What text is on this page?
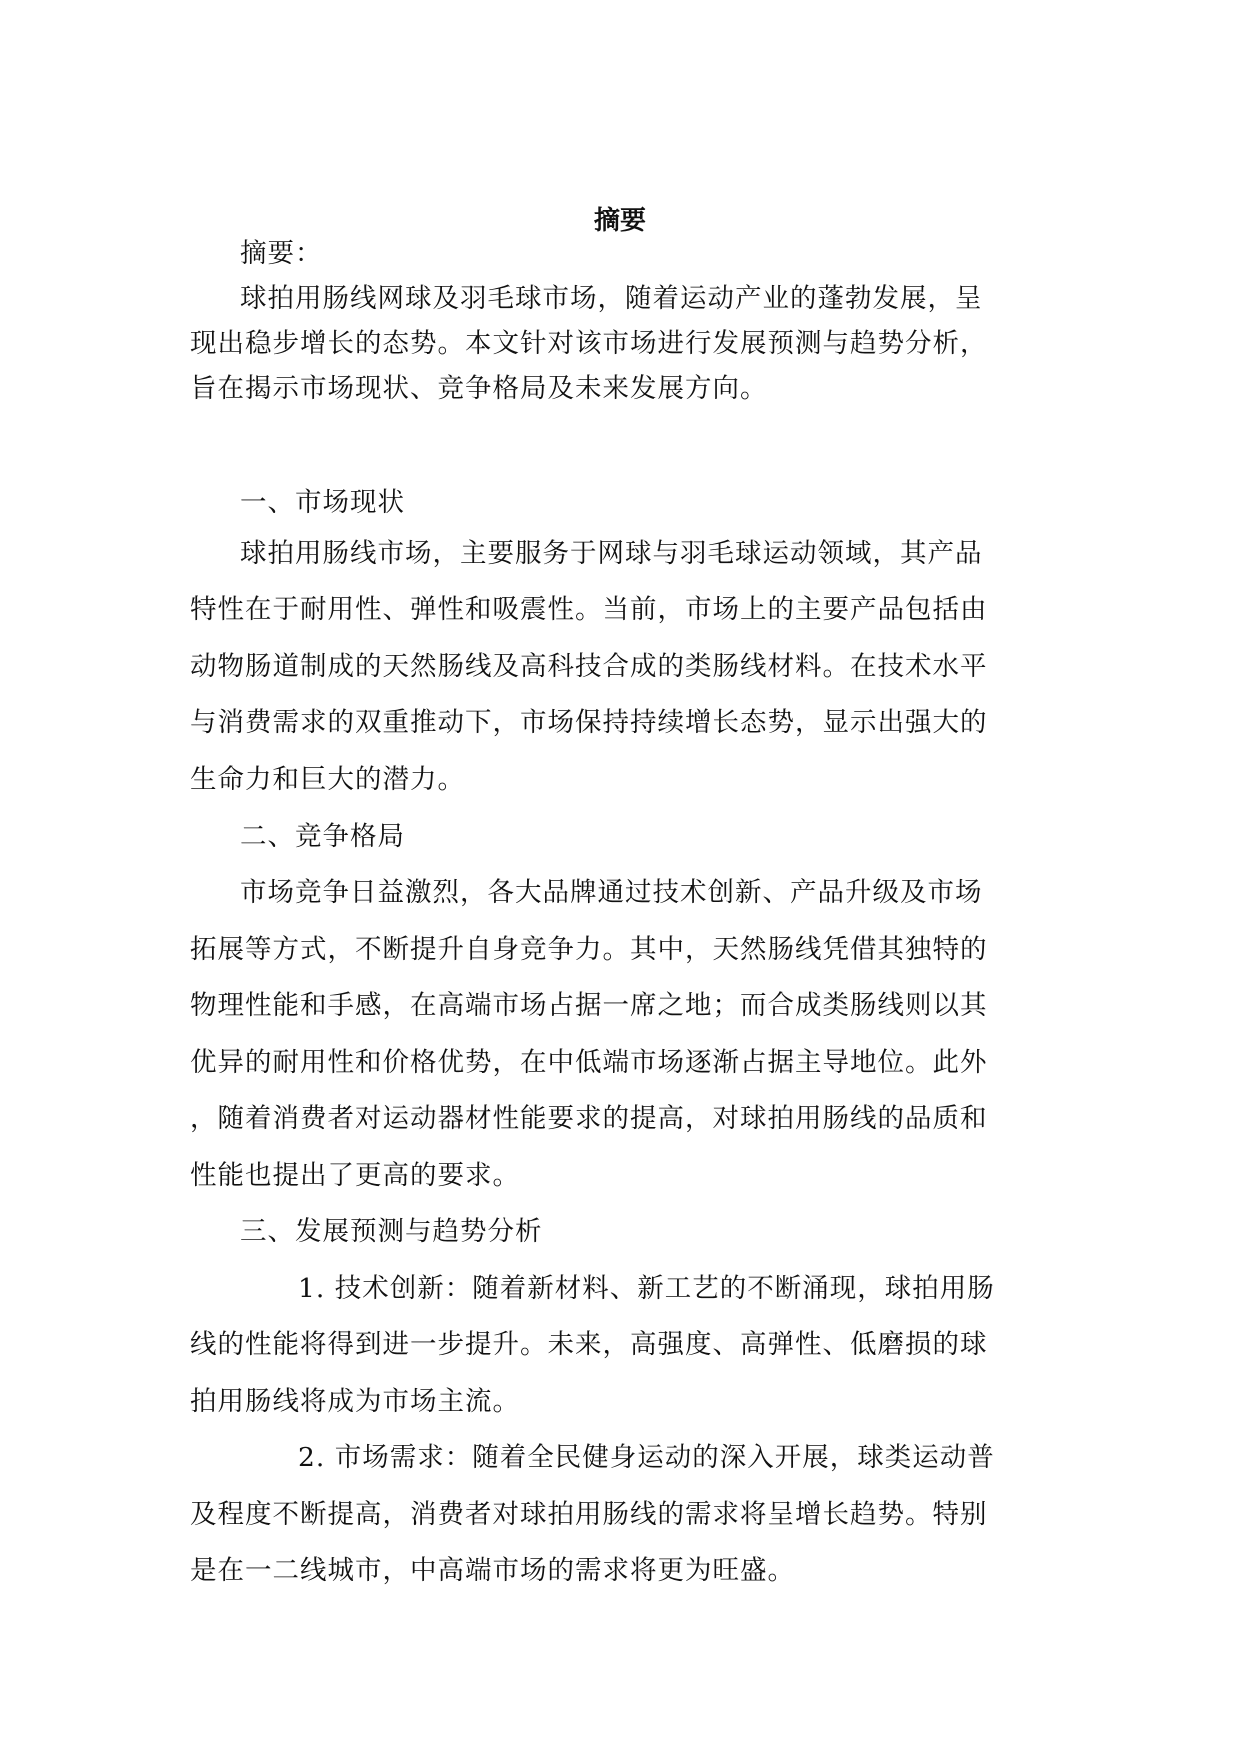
摘要
摘要：
球拍用肠线网球及羽毛球市场，随着运动产业的蓬勃发展，呈
现出稳步增长的态势。本文针对该市场进行发展预测与趋势分析，
旨在揭示市场现状、竞争格局及未来发展方向。
一、市场现状
球拍用肠线市场，主要服务于网球与羽毛球运动领域，其产品
特性在于耐用性、弹性和吸震性。当前，市场上的主要产品包括由
动物肠道制成的天然肠线及高科技合成的类肠线材料。在技术水平
与消费需求的双重推动下，市场保持持续增长态势，显示出强大的
生命力和巨大的潜力。
二、竞争格局
市场竞争日益激烈，各大品牌通过技术创新、产品升级及市场
拓展等方式，不断提升自身竞争力。其中，天然肠线凭借其独特的
物理性能和手感，在高端市场占据一席之地；而合成类肠线则以其
优异的耐用性和价格优势，在中低端市场逐渐占据主导地位。此外
，随着消费者对运动器材性能要求的提高，对球拍用肠线的品质和
性能也提出了更高的要求。
三、发展预测与趋势分析
1. 技术创新：随着新材料、新工艺的不断涌现，球拍用肠
线的性能将得到进一步提升。未来，高强度、高弹性、低磨损的球
拍用肠线将成为市场主流。
2. 市场需求：随着全民健身运动的深入开展，球类运动普
及程度不断提高，消费者对球拍用肠线的需求将呈增长趋势。特别
是在一二线城市，中高端市场的需求将更为旺盛。
